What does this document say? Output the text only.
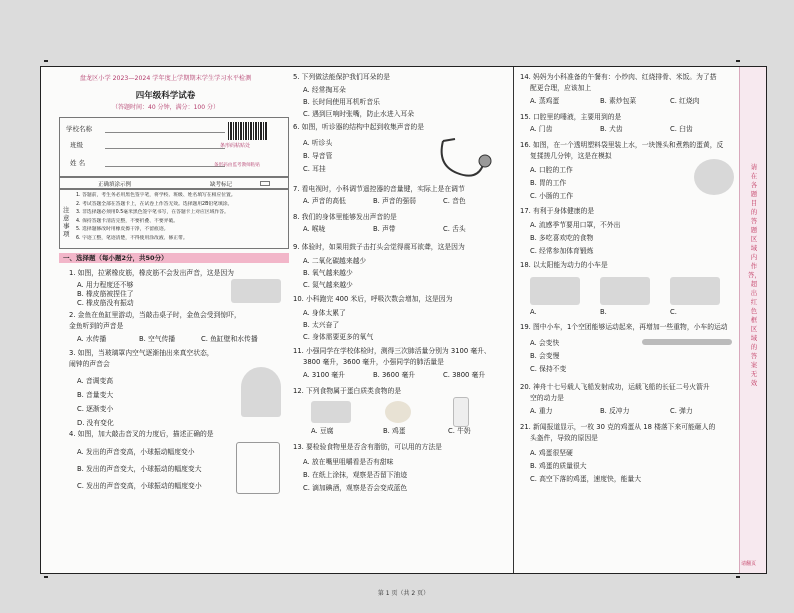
盘龙区小学 2023—2024 学年度上学期期末学生学习水平检测
四年级科学试卷
（答题时间：40 分钟，满分：100 分）
学校名称
班级
姓 名
条形码粘贴处
条形码由监考教师粘贴
正确填涂示例	缺考标记
注意事项
1. 答题前，考生务必用黑色签字笔，将学校、班级、姓名填写在相应位置。
2. 考试答题全部在答题卡上，在试卷上作答无效。选择题用2B铅笔填涂。
3. 非选择题必须用0.5毫米黑色签字笔书写，在答题卡上对应区域作答。
4. 保持答题卡清洁完整，不要折叠、不要弄破。
5. 选择题修改时用橡皮擦干净，不留痕迹。
6. 字迹工整，笔迹清楚，不得使用涂改液、修正带。
一、选择题（每小题2分，共50分）
1. 如图，拉紧橡皮筋，橡皮筋不会发出声音，这是因为
A. 用力程度还不够
B. 橡皮筋被捏住了
C. 橡皮筋没有振动
2. 金鱼在鱼缸里游动，当敲击桌子时，金鱼会受到惊吓，
金鱼听到的声音是
A. 水传播	B. 空气传播	C. 鱼缸壁和水传播
3. 如图，当玻璃罩内空气逐渐抽出来真空状态，
闹钟的声音会
A. 音调变高
B. 音量变大
C. 逐渐变小
D. 没有变化
4. 如图，加大敲击音叉的力度后，描述正确的是
A. 发出的声音变高，小球振动幅度变小
B. 发出的声音变大，小球振动的幅度变大
C. 发出的声音变高，小球振动的幅度变小
5. 下列做法能保护我们耳朵的是
A. 经常掏耳朵
B. 长时间使用耳机听音乐
C. 遇到巨响时张嘴，防止水进入耳朵
6. 如图，听诊器的结构中起到收集声音的是
A. 听诊头
B. 导音管
C. 耳挂
7. 看电视时，小科调节遥控器的音量键，实际上是在调节
A. 声音的高低	B. 声音的强弱	C. 音色
8. 我们的身体里能够发出声音的是
A. 喉咙	B. 声带	C. 舌头
9. 体验时，如果用鼓子击打头会觉得震耳欲聋，这是因为
A. 二氧化碳越来越少
B. 氧气越来越少
C. 氮气越来越少
10. 小科跑完 400 米后，呼吸次数会增加，这是因为
A. 身体太累了
B. 太兴奋了
C. 身体需要更多的氧气
11. 小强同学在学校体检时，测得三次肺活量分别为 3100 毫升、
3800 毫升，3600 毫升，小强同学的肺活量是
A. 3100 毫升	B. 3600 毫升	C. 3800 毫升
12. 下列食物属于蛋白质类食物的是
A. 豆腐	B. 鸡蛋	C. 牛奶
13. 要检验食物里是否含有脂肪，可以用的方法是
A. 放在嘴里咀嚼看是否有甜味
B. 在纸上涂抹，观察是否留下油迹
C. 滴加碘酒，观察是否会变成蓝色
14. 妈妈为小科准备的午餐有：小炒肉、红烧排骨、米饭。为了搭
配更合理，应该加上
A. 蒸鸡蛋	B. 素炒包菜	C. 红烧肉
15. 口腔里的唾液，主要用到的是
A. 门齿	B. 犬齿	C. 臼齿
16. 如图，在一个透明塑料袋里装上水，一块馒头和煮熟的蛋黄，反
复揉搓几分钟，这是在模拟
A. 口腔的工作
B. 胃的工作
C. 小肠的工作
17. 有利于身体健康的是
A. 流感季节要用口罩，不外出
B. 多吃喜欢吃的食物
C. 经常参加体育锻炼
18. 以太阳能为动力的小车是
A.	B.	C.
19. 图中小车，1个空团能够运动起来，再增加一些重物，小车的运动
A. 会变快
B. 会变慢
C. 保持不变
20. 神舟十七号载人飞船发射成功，运载飞船的长征二号火箭升
空的动力是
A. 重力	B. 反冲力	C. 弹力
21. 新闻报道显示，一枚 30 克的鸡蛋从 18 楼落下来可能砸人的
头盔件，导致的原因是
A. 鸡蛋很坚硬
B. 鸡蛋的质量很大
C. 高空下落的鸡蛋，速度快，能量大
请在各题目的答题区域内作答，超出红色框区域的答案无效
请翻页
第 1 页（共 2 页）
